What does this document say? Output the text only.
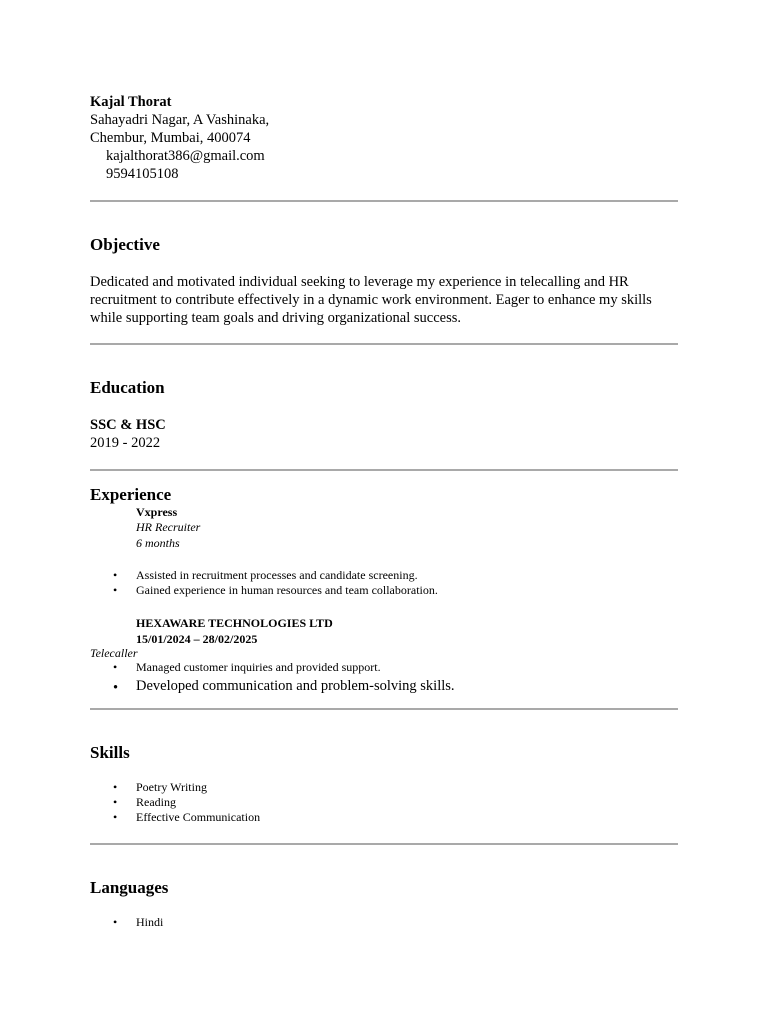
Kajal Thorat
Sahayadri Nagar, A Vashinaka,
Chembur, Mumbai, 400074
kajalthorat386@gmail.com
9594105108
Objective
Dedicated and motivated individual seeking to leverage my experience in telecalling and HR recruitment to contribute effectively in a dynamic work environment. Eager to enhance my skills while supporting team goals and driving organizational success.
Education
SSC & HSC
2019 - 2022
Experience
Vxpress
HR Recruiter
6 months
• Assisted in recruitment processes and candidate screening.
• Gained experience in human resources and team collaboration.
HEXAWARE TECHNOLOGIES LTD
15/01/2024 – 28/02/2025
Telecaller
• Managed customer inquiries and provided support.
• Developed communication and problem-solving skills.
Skills
• Poetry Writing
• Reading
• Effective Communication
Languages
• Hindi
